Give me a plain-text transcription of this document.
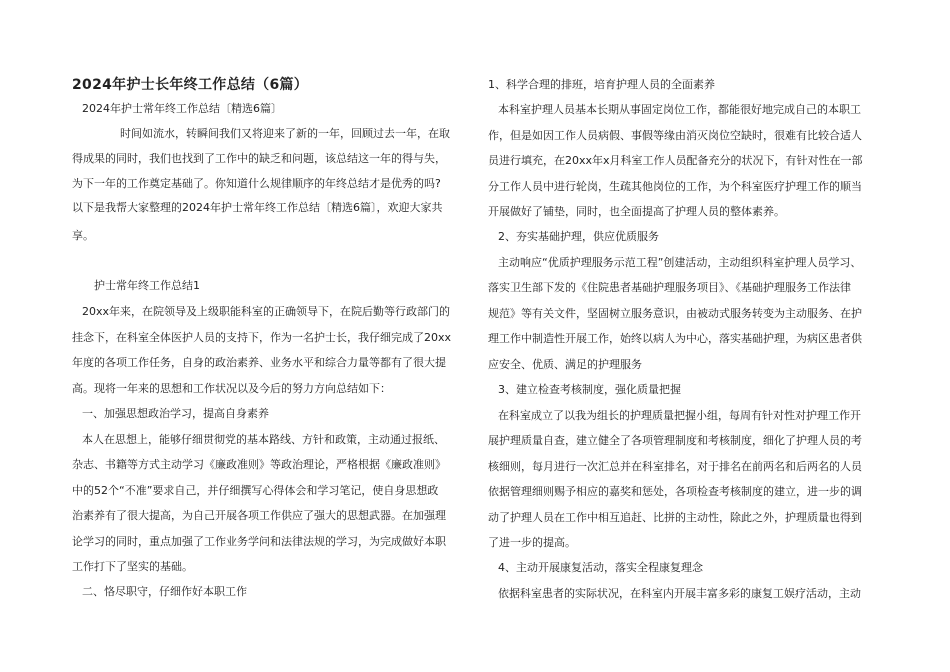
2024年护士长年终工作总结（6篇）

2024年护士常年终工作总结〔精选6篇〕

时间如流水，转瞬间我们又将迎来了新的一年，回顾过去一年，在取

得成果的同时，我们也找到了工作中的缺乏和问题，该总结这一年的得与失，

为下一年的工作奠定基础了。你知道什么规律顺序的年终总结才是优秀的吗?

以下是我帮大家整理的2024年护士常年终工作总结〔精选6篇〕，欢迎大家共

享。

护士常年终工作总结1

20xx年来，在院领导及上级职能科室的正确领导下，在院后勤等行政部门的

挂念下，在科室全体医护人员的支持下，作为一名护士长，我仔细完成了20xx

年度的各项工作任务，自身的政治素养、业务水平和综合力量等都有了很大提

高。现将一年来的思想和工作状况以及今后的努力方向总结如下：

一、加强思想政治学习，提高自身素养

本人在思想上，能够仔细贯彻党的基本路线、方针和政策，主动通过报纸、

杂志、书籍等方式主动学习《廉政准则》等政治理论，严格根据《廉政准则》

中的52个“不准”要求自己，并仔细撰写心得体会和学习笔记，使自身思想政

治素养有了很大提高，为自己开展各项工作供应了强大的思想武器。在加强理

论学习的同时，重点加强了工作业务学问和法律法规的学习，为完成做好本职

工作打下了坚实的基础。

二、恪尽职守，仔细作好本职工作

1、科学合理的排班，培育护理人员的全面素养

本科室护理人员基本长期从事固定岗位工作，都能很好地完成自己的本职工

作，但是如因工作人员病假、事假等缘由消灭岗位空缺时，很难有比较合适人

员进行填充，在20xx年x月科室工作人员配备充分的状况下，有针对性在一部

分工作人员中进行轮岗，生疏其他岗位的工作，为个科室医疗护理工作的顺当

开展做好了铺垫，同时，也全面提高了护理人员的整体素养。

2、夯实基础护理，供应优质服务

主动响应“优质护理服务示范工程”创建活动，主动组织科室护理人员学习、

落实卫生部下发的《住院患者基础护理服务项目》、《基础护理服务工作法律

规范》等有关文件，坚固树立服务意识，由被动式服务转变为主动服务、在护

理工作中制造性开展工作，始终以病人为中心，落实基础护理，为病区患者供

应安全、优质、满足的护理服务

3、建立检查考核制度，强化质量把握

在科室成立了以我为组长的护理质量把握小组，每周有针对性对护理工作开

展护理质量自查，建立健全了各项管理制度和考核制度，细化了护理人员的考

核细则，每月进行一次汇总并在科室排名，对于排名在前两名和后两名的人员

依据管理细则赐予相应的嘉奖和惩处，各项检查考核制度的建立，进一步的调

动了护理人员在工作中相互追赶、比拼的主动性，除此之外，护理质量也得到

了进一步的提高。

4、主动开展康复活动，落实全程康复理念

依据科室患者的实际状况，在科室内开展丰富多彩的康复工娱疗活动，主动
